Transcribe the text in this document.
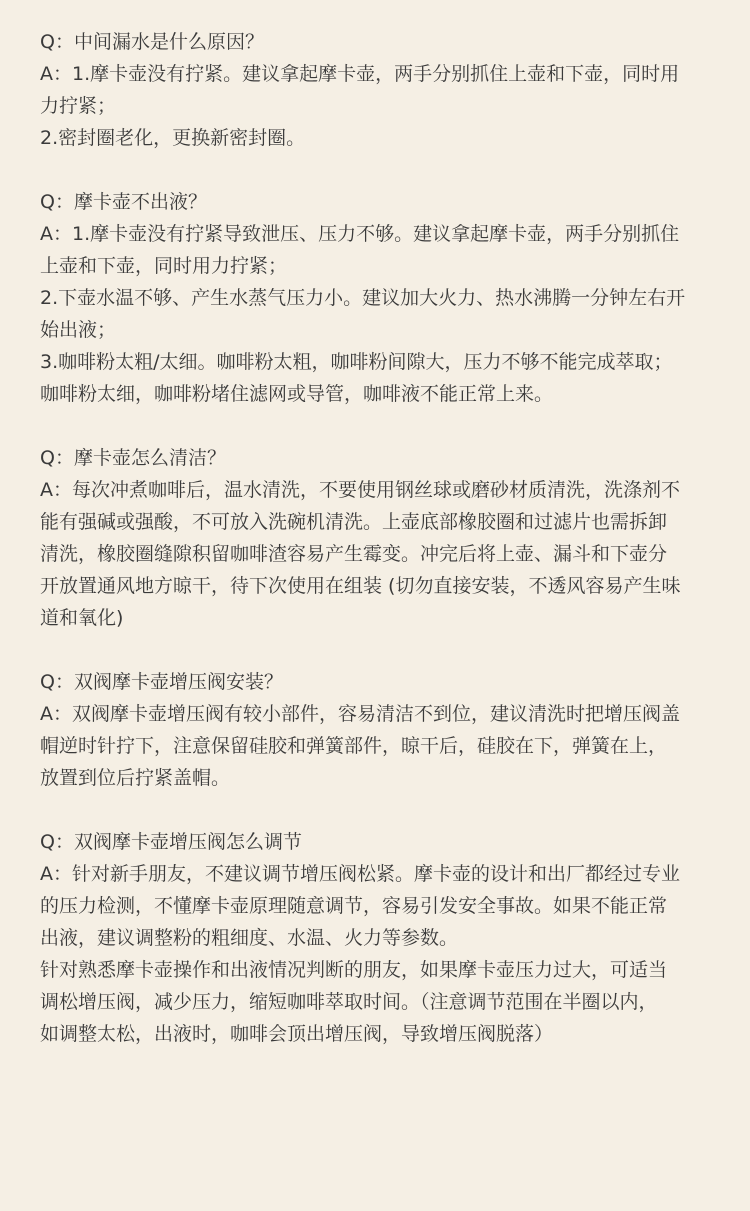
Q：中间漏水是什么原因？
A：1.摩卡壶没有拧紧。建议拿起摩卡壶，两手分别抓住上壶和下壶，同时用
力拧紧；
2.密封圈老化，更换新密封圈。
Q：摩卡壶不出液？
A：1.摩卡壶没有拧紧导致泄压、压力不够。建议拿起摩卡壶，两手分别抓住
上壶和下壶，同时用力拧紧；
2.下壶水温不够、产生水蒸气压力小。建议加大火力、热水沸腾一分钟左右开
始出液；
3.咖啡粉太粗/太细。咖啡粉太粗，咖啡粉间隙大，压力不够不能完成萃取；
咖啡粉太细，咖啡粉堵住滤网或导管，咖啡液不能正常上来。
Q：摩卡壶怎么清洁？
A：每次冲煮咖啡后，温水清洗，不要使用钢丝球或磨砂材质清洗，洗涤剂不
能有强碱或强酸，不可放入洗碗机清洗。上壶底部橡胶圈和过滤片也需拆卸
清洗，橡胶圈缝隙积留咖啡渣容易产生霉变。冲完后将上壶、漏斗和下壶分
开放置通风地方晾干，待下次使用在组装 (切勿直接安装，不透风容易产生味
道和氧化)
Q：双阀摩卡壶增压阀安装？
A：双阀摩卡壶增压阀有较小部件，容易清洁不到位，建议清洗时把增压阀盖
帽逆时针拧下，注意保留硅胶和弹簧部件，晾干后，硅胶在下，弹簧在上，
放置到位后拧紧盖帽。
Q：双阀摩卡壶增压阀怎么调节
A：针对新手朋友，不建议调节增压阀松紧。摩卡壶的设计和出厂都经过专业
的压力检测，不懂摩卡壶原理随意调节，容易引发安全事故。如果不能正常
出液，建议调整粉的粗细度、水温、火力等参数。
针对熟悉摩卡壶操作和出液情况判断的朋友，如果摩卡壶压力过大，可适当
调松增压阀，减少压力，缩短咖啡萃取时间。（注意调节范围在半圈以内，
如调整太松，出液时，咖啡会顶出增压阀，导致增压阀脱落）
